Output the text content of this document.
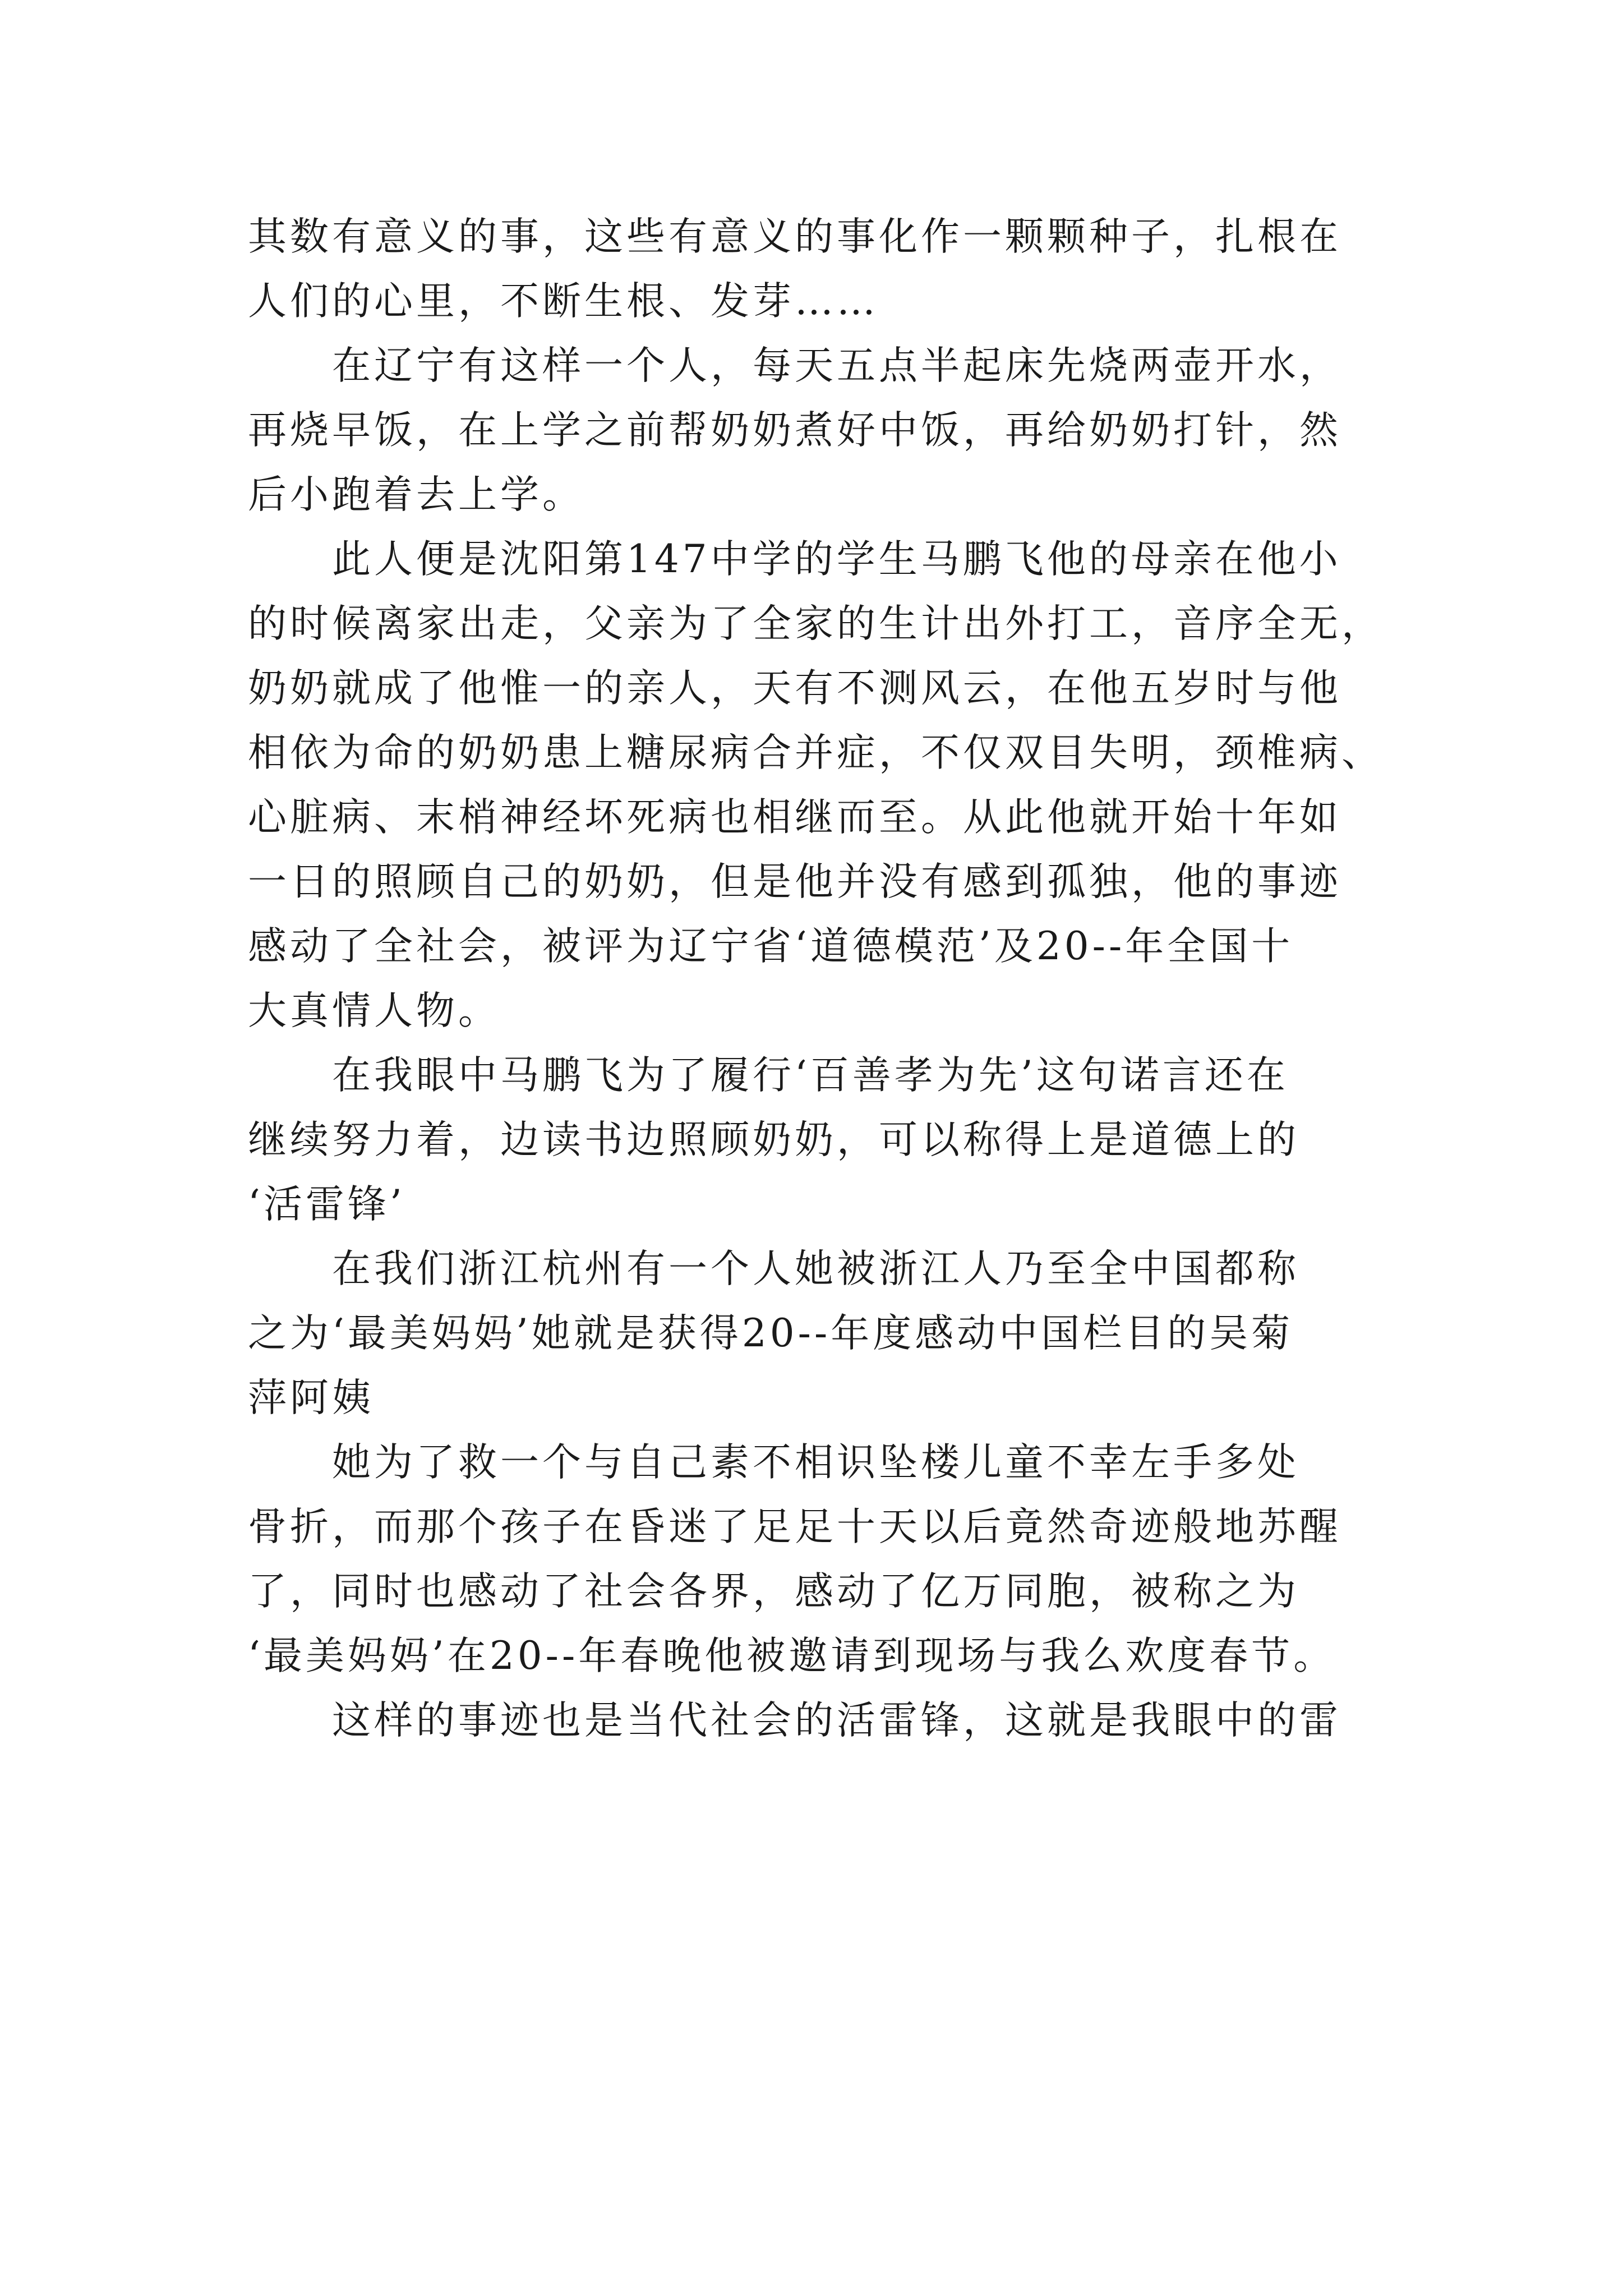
其数有意义的事，这些有意义的事化作一颗颗种子，扎根在
人们的心里，不断生根、发芽……
在辽宁有这样一个人，每天五点半起床先烧两壶开水，
再烧早饭，在上学之前帮奶奶煮好中饭，再给奶奶打针，然
后小跑着去上学。
此人便是沈阳第147中学的学生马鹏飞他的母亲在他小
的时候离家出走，父亲为了全家的生计出外打工，音序全无，
奶奶就成了他惟一的亲人，天有不测风云，在他五岁时与他
相依为命的奶奶患上糖尿病合并症，不仅双目失明，颈椎病、
心脏病、末梢神经坏死病也相继而至。从此他就开始十年如
一日的照顾自己的奶奶，但是他并没有感到孤独，他的事迹
感动了全社会，被评为辽宁省‘道德模范’及20--年全国十
大真情人物。
在我眼中马鹏飞为了履行‘百善孝为先’这句诺言还在
继续努力着，边读书边照顾奶奶，可以称得上是道德上的
‘活雷锋’
在我们浙江杭州有一个人她被浙江人乃至全中国都称
之为‘最美妈妈’她就是获得20--年度感动中国栏目的吴菊
萍阿姨
她为了救一个与自己素不相识坠楼儿童不幸左手多处
骨折，而那个孩子在昏迷了足足十天以后竟然奇迹般地苏醒
了，同时也感动了社会各界，感动了亿万同胞，被称之为
‘最美妈妈’在20--年春晚他被邀请到现场与我么欢度春节。
这样的事迹也是当代社会的活雷锋，这就是我眼中的雷
